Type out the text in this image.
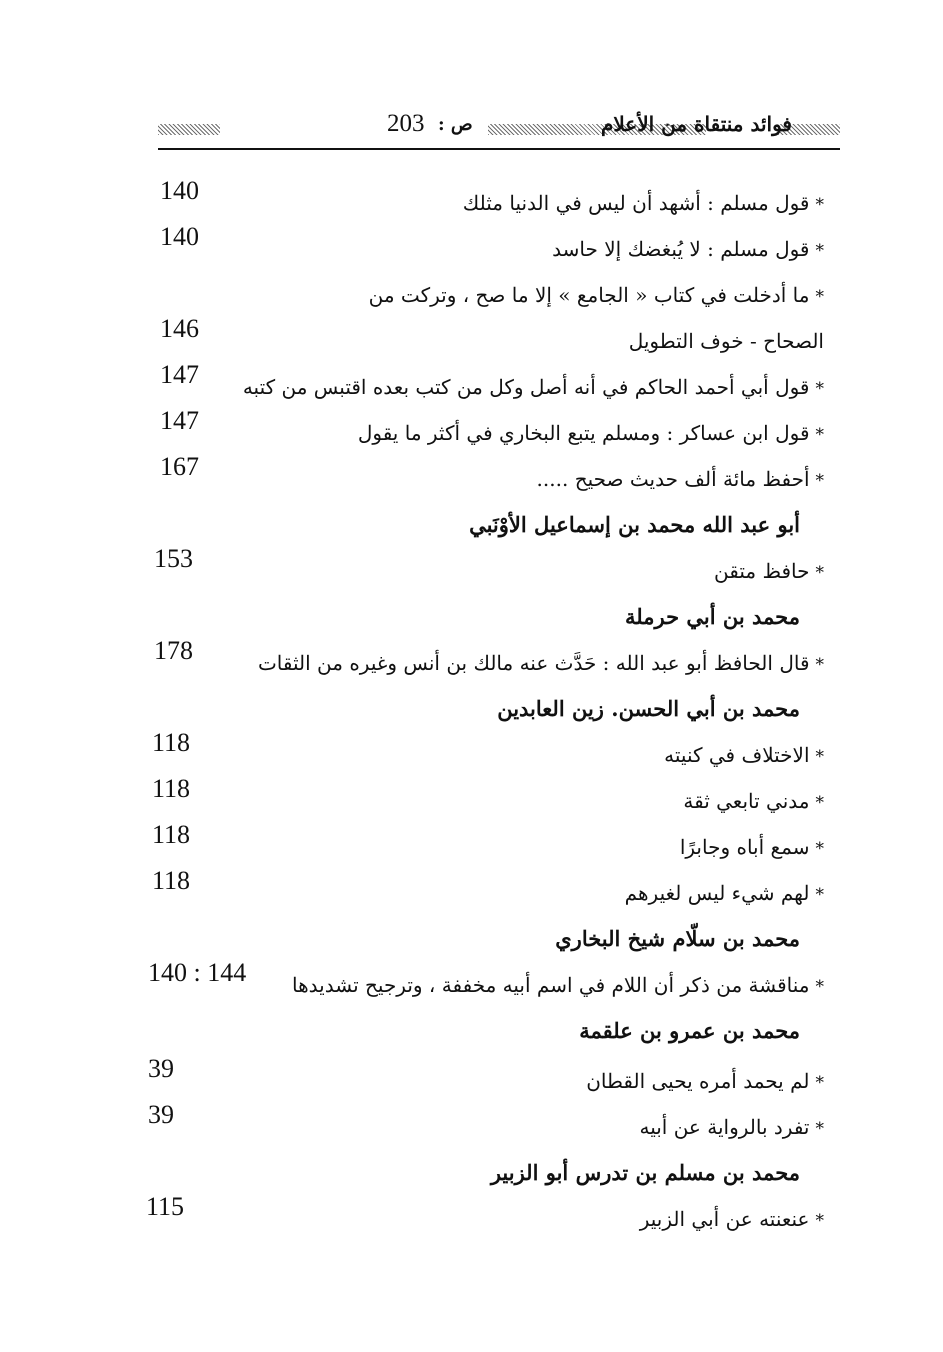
فوائد منتقاة من الأعلام
ص :
203
*قول مسلم : أشهد أن ليس في الدنيا مثلك
140
*قول مسلم : لا يُبغضك إلا حاسد
140
*ما أدخلت في كتاب « الجامع » إلا ما صح ، وتركت من
الصحاح - خوف التطويل
146
*قول أبي أحمد الحاكم في أنه أصل وكل من كتب بعده اقتبس من كتبه
147
*قول ابن عساكر : ومسلم يتبع البخاري في أكثر ما يقول
147
*أحفظ مائة ألف حديث صحيح .....
167
أبو عبد الله محمد بن إسماعيل الأوْنَبي
*حافظ متقن
153
محمد بن أبي حرملة
*قال الحافظ أبو عبد الله : حَدَّث عنه مالك بن أنس وغيره من الثقات
178
محمد بن أبي الحسن. زين العابدين
*الاختلاف في كنيته
118
*مدني تابعي ثقة
118
*سمع أباه وجابرًا
118
*لهم شيء ليس لغيرهم
118
محمد بن سلّام شيخ البخاري
*مناقشة من ذكر أن اللام في اسم أبيه مخففة ، وترجيح تشديدها
140 : 144
محمد بن عمرو بن علقمة
*لم يحمد أمره يحيى القطان
39
*تفرد بالرواية عن أبيه
39
محمد بن مسلم بن تدرس أبو الزبير
*عنعنته عن أبي الزبير
115
